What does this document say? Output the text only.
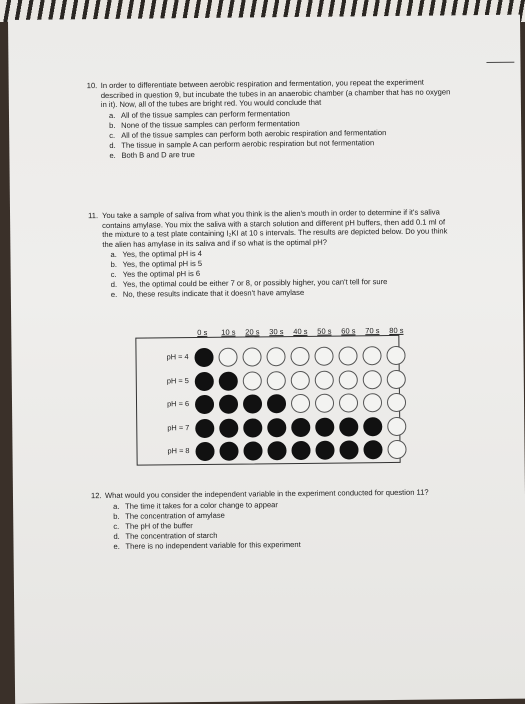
— —
10. In order to differentiate between aerobic respiration and fermentation, you repeat the experiment
described in question 9, but incubate the tubes in an anaerobic chamber (a chamber that has no oxygen
in it). Now, all of the tubes are bright red. You would conclude that
a. All of the tissue samples can perform fermentation
b. None of the tissue samples can perform fermentation
c. All of the tissue samples can perform both aerobic respiration and fermentation
d. The tissue in sample A can perform aerobic respiration but not fermentation
e. Both B and D are true
11. You take a sample of saliva from what you think is the alien's mouth in order to determine if it's saliva
contains amylase. You mix the saliva with a starch solution and different pH buffers, then add 0.1 ml of
the mixture to a test plate containing I₂KI at 10 s intervals. The results are depicted below. Do you think
the alien has amylase in its saliva and if so what is the optimal pH?
a. Yes, the optimal pH is 4
b. Yes, the optimal pH is 5
c. Yes the optimal pH is 6
d. Yes, the optimal could be either 7 or 8, or possibly higher, you can't tell for sure
e. No, these results indicate that it doesn't have amylase
0 s 10 s 20 s 30 s 40 s 50 s 60 s 70 s 80 s
pH = 4
pH = 5
pH = 6
pH = 7
pH = 8
12. What would you consider the independent variable in the experiment conducted for question 11?
a. The time it takes for a color change to appear
b. The concentration of amylase
c. The pH of the buffer
d. The concentration of starch
e. There is no independent variable for this experiment
